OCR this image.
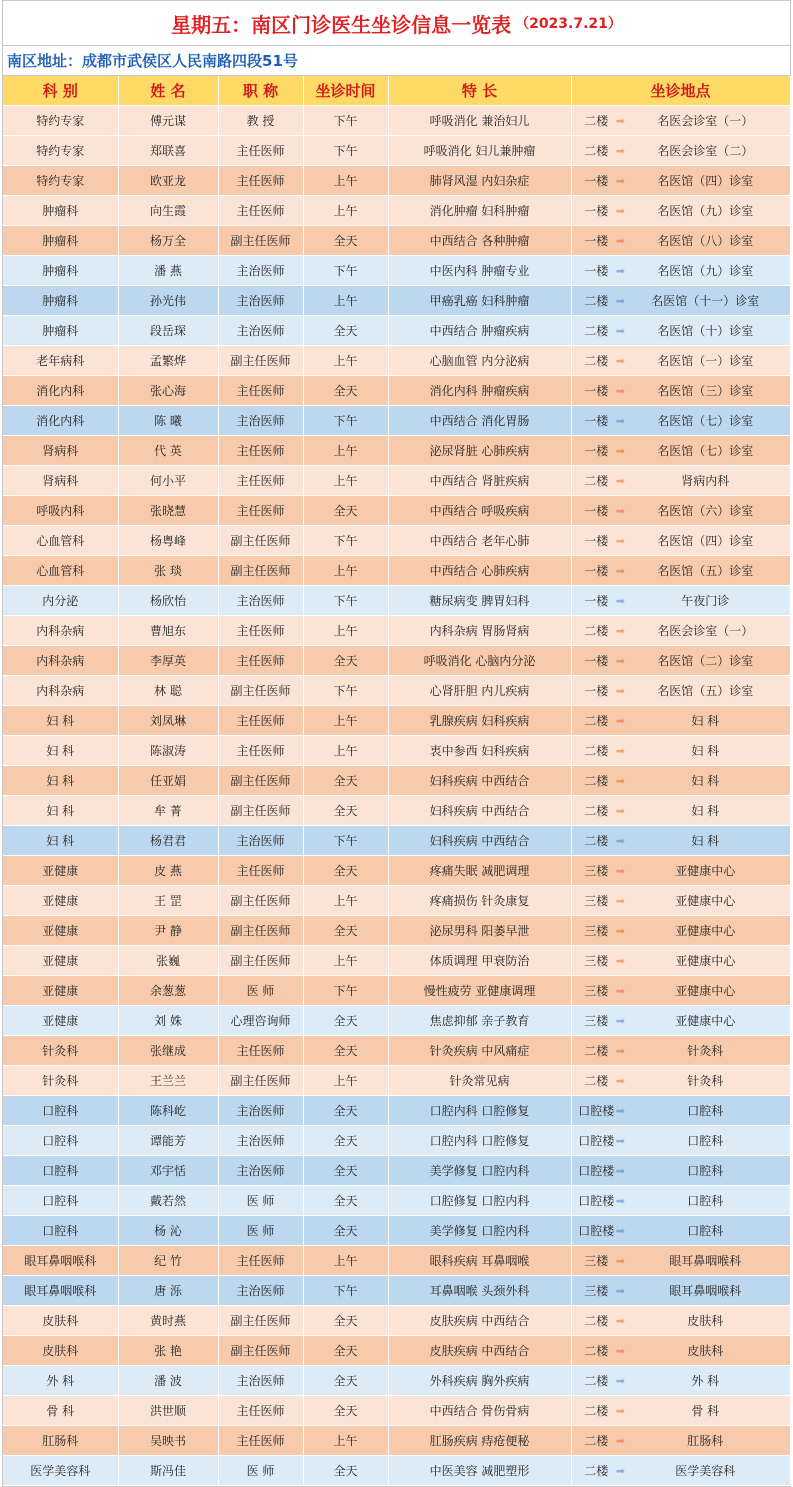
星期五：南区门诊医生坐诊信息一览表 （2023.7.21）
南区地址：成都市武侯区人民南路四段51号
科 别	姓 名	职 称	坐诊时间	特 长	坐诊地点	
特约专家	傅元谋	教 授	下午	呼吸消化 兼治妇儿	二楼 ➡	名医会诊室（一）
特约专家	郑联喜	主任医师	下午	呼吸消化 妇儿兼肿瘤	二楼 ➡	名医会诊室（二）
特约专家	欧亚龙	主任医师	上午	肺肾风湿 内妇杂症	一楼 ➡	名医馆（四）诊室
肿瘤科	向生霞	主任医师	上午	消化肿瘤 妇科肿瘤	一楼 ➡	名医馆（九）诊室
肿瘤科	杨万全	副主任医师	全天	中西结合 各种肿瘤	一楼 ➡	名医馆（八）诊室
肿瘤科	潘 燕	主治医师	下午	中医内科 肿瘤专业	一楼 ➡	名医馆（九）诊室
肿瘤科	孙光伟	主治医师	上午	甲癌乳癌 妇科肿瘤	二楼 ➡	名医馆（十一）诊室
肿瘤科	段岳琛	主治医师	全天	中西结合 肿瘤疾病	二楼 ➡	名医馆（十）诊室
老年病科	孟繁烨	副主任医师	上午	心脑血管 内分泌病	二楼 ➡	名医馆（一）诊室
消化内科	张心海	主任医师	全天	消化内科 肿瘤疾病	一楼 ➡	名医馆（三）诊室
消化内科	陈 曦	主治医师	下午	中西结合 消化胃肠	一楼 ➡	名医馆（七）诊室
肾病科	代 英	主任医师	上午	泌尿肾脏 心肺疾病	一楼 ➡	名医馆（七）诊室
肾病科	何小平	主任医师	上午	中西结合 肾脏疾病	二楼 ➡	肾病内科
呼吸内科	张晓慧	主任医师	全天	中西结合 呼吸疾病	一楼 ➡	名医馆（六）诊室
心血管科	杨粤峰	副主任医师	下午	中西结合 老年心肺	一楼 ➡	名医馆（四）诊室
心血管科	张 琰	副主任医师	上午	中西结合 心肺疾病	一楼 ➡	名医馆（五）诊室
内分泌	杨欣怡	主治医师	下午	糖尿病变 脾胃妇科	一楼 ➡	午夜门诊
内科杂病	曹旭东	主任医师	上午	内科杂病 胃肠肾病	二楼 ➡	名医会诊室（一）
内科杂病	李厚英	主任医师	全天	呼吸消化 心脑内分泌	一楼 ➡	名医馆（二）诊室
内科杂病	林 聪	副主任医师	下午	心肾肝胆 内儿疾病	一楼 ➡	名医馆（五）诊室
妇 科	刘凤琳	主任医师	上午	乳腺疾病 妇科疾病	二楼 ➡	妇 科
妇 科	陈淑涛	主任医师	上午	衷中参西 妇科疾病	二楼 ➡	妇 科
妇 科	任亚娟	副主任医师	全天	妇科疾病 中西结合	二楼 ➡	妇 科
妇 科	牟 菁	副主任医师	全天	妇科疾病 中西结合	二楼 ➡	妇 科
妇 科	杨君君	主治医师	下午	妇科疾病 中西结合	二楼 ➡	妇 科
亚健康	皮 燕	主任医师	全天	疼痛失眠 减肥调理	三楼 ➡	亚健康中心
亚健康	王 罡	副主任医师	上午	疼痛损伤 针灸康复	三楼 ➡	亚健康中心
亚健康	尹 静	副主任医师	全天	泌尿男科 阳萎早泄	三楼 ➡	亚健康中心
亚健康	张巍	副主任医师	上午	体质调理 甲衰防治	三楼 ➡	亚健康中心
亚健康	余葱葱	医 师	下午	慢性疲劳 亚健康调理	三楼 ➡	亚健康中心
亚健康	刘 姝	心理咨询师	全天	焦虑抑郁 亲子教育	三楼 ➡	亚健康中心
针灸科	张继成	主任医师	全天	针灸疾病 中风痛症	二楼 ➡	针灸科
针灸科	王兰兰	副主任医师	上午	针灸常见病	二楼 ➡	针灸科
口腔科	陈科屹	主治医师	全天	口腔内科 口腔修复	口腔楼 ➡	口腔科
口腔科	谭能芳	主治医师	全天	口腔内科 口腔修复	口腔楼 ➡	口腔科
口腔科	邓宇恬	主治医师	全天	美学修复 口腔内科	口腔楼 ➡	口腔科
口腔科	戴若然	医 师	全天	口腔修复 口腔内科	口腔楼 ➡	口腔科
口腔科	杨 沁	医 师	全天	美学修复 口腔内科	口腔楼 ➡	口腔科
眼耳鼻咽喉科	纪 竹	主任医师	上午	眼科疾病 耳鼻咽喉	三楼 ➡	眼耳鼻咽喉科
眼耳鼻咽喉科	唐 泺	主治医师	下午	耳鼻咽喉 头颈外科	三楼 ➡	眼耳鼻咽喉科
皮肤科	黄时燕	副主任医师	全天	皮肤疾病 中西结合	二楼 ➡	皮肤科
皮肤科	张 艳	副主任医师	全天	皮肤疾病 中西结合	二楼 ➡	皮肤科
外 科	潘 波	主治医师	全天	外科疾病 胸外疾病	二楼 ➡	外 科
骨 科	洪世顺	主任医师	全天	中西结合 骨伤骨病	二楼 ➡	骨 科
肛肠科	吴映书	主任医师	上午	肛肠疾病 痔疮便秘	二楼 ➡	肛肠科
医学美容科	斯冯佳	医 师	全天	中医美容 减肥塑形	二楼 ➡	医学美容科
